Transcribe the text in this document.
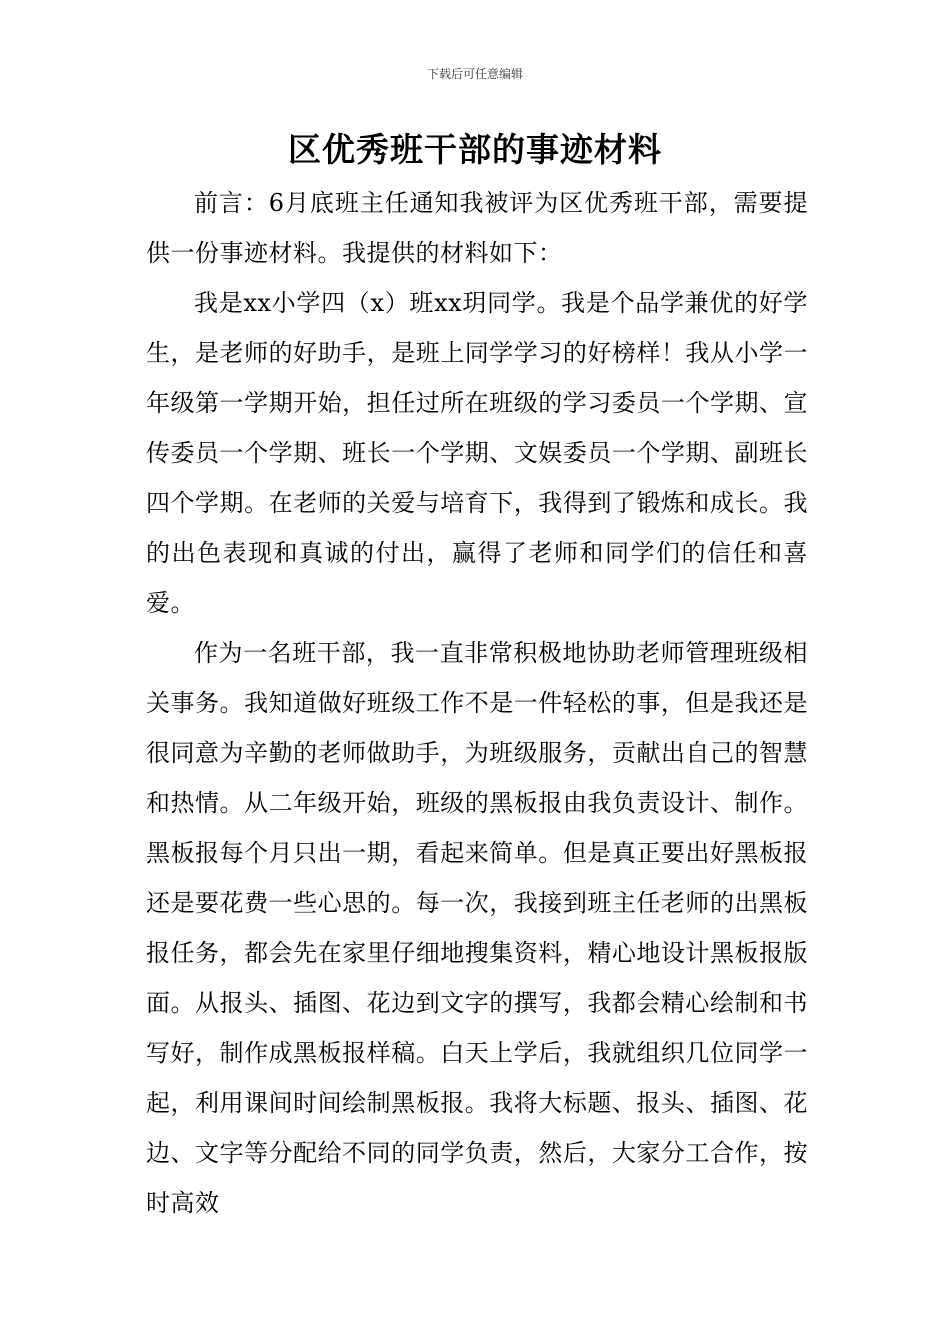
下载后可任意编辑
区优秀班干部的事迹材料

前言：6月底班主任通知我被评为区优秀班干部，需要提供一份事迹材料。我提供的材料如下：

我是xx小学四（x）班xx玥同学。我是个品学兼优的好学生，是老师的好助手，是班上同学学习的好榜样！我从小学一年级第一学期开始，担任过所在班级的学习委员一个学期、宣传委员一个学期、班长一个学期、文娱委员一个学期、副班长四个学期。在老师的关爱与培育下，我得到了锻炼和成长。我的出色表现和真诚的付出，赢得了老师和同学们的信任和喜爱。

作为一名班干部，我一直非常积极地协助老师管理班级相关事务。我知道做好班级工作不是一件轻松的事，但是我还是很同意为辛勤的老师做助手，为班级服务，贡献出自己的智慧和热情。从二年级开始，班级的黑板报由我负责设计、制作。黑板报每个月只出一期，看起来简单。但是真正要出好黑板报还是要花费一些心思的。每一次，我接到班主任老师的出黑板报任务，都会先在家里仔细地搜集资料，精心地设计黑板报版面。从报头、插图、花边到文字的撰写，我都会精心绘制和书写好，制作成黑板报样稿。白天上学后，我就组织几位同学一起，利用课间时间绘制黑板报。我将大标题、报头、插图、花边、文字等分配给不同的同学负责，然后，大家分工合作，按时高效
